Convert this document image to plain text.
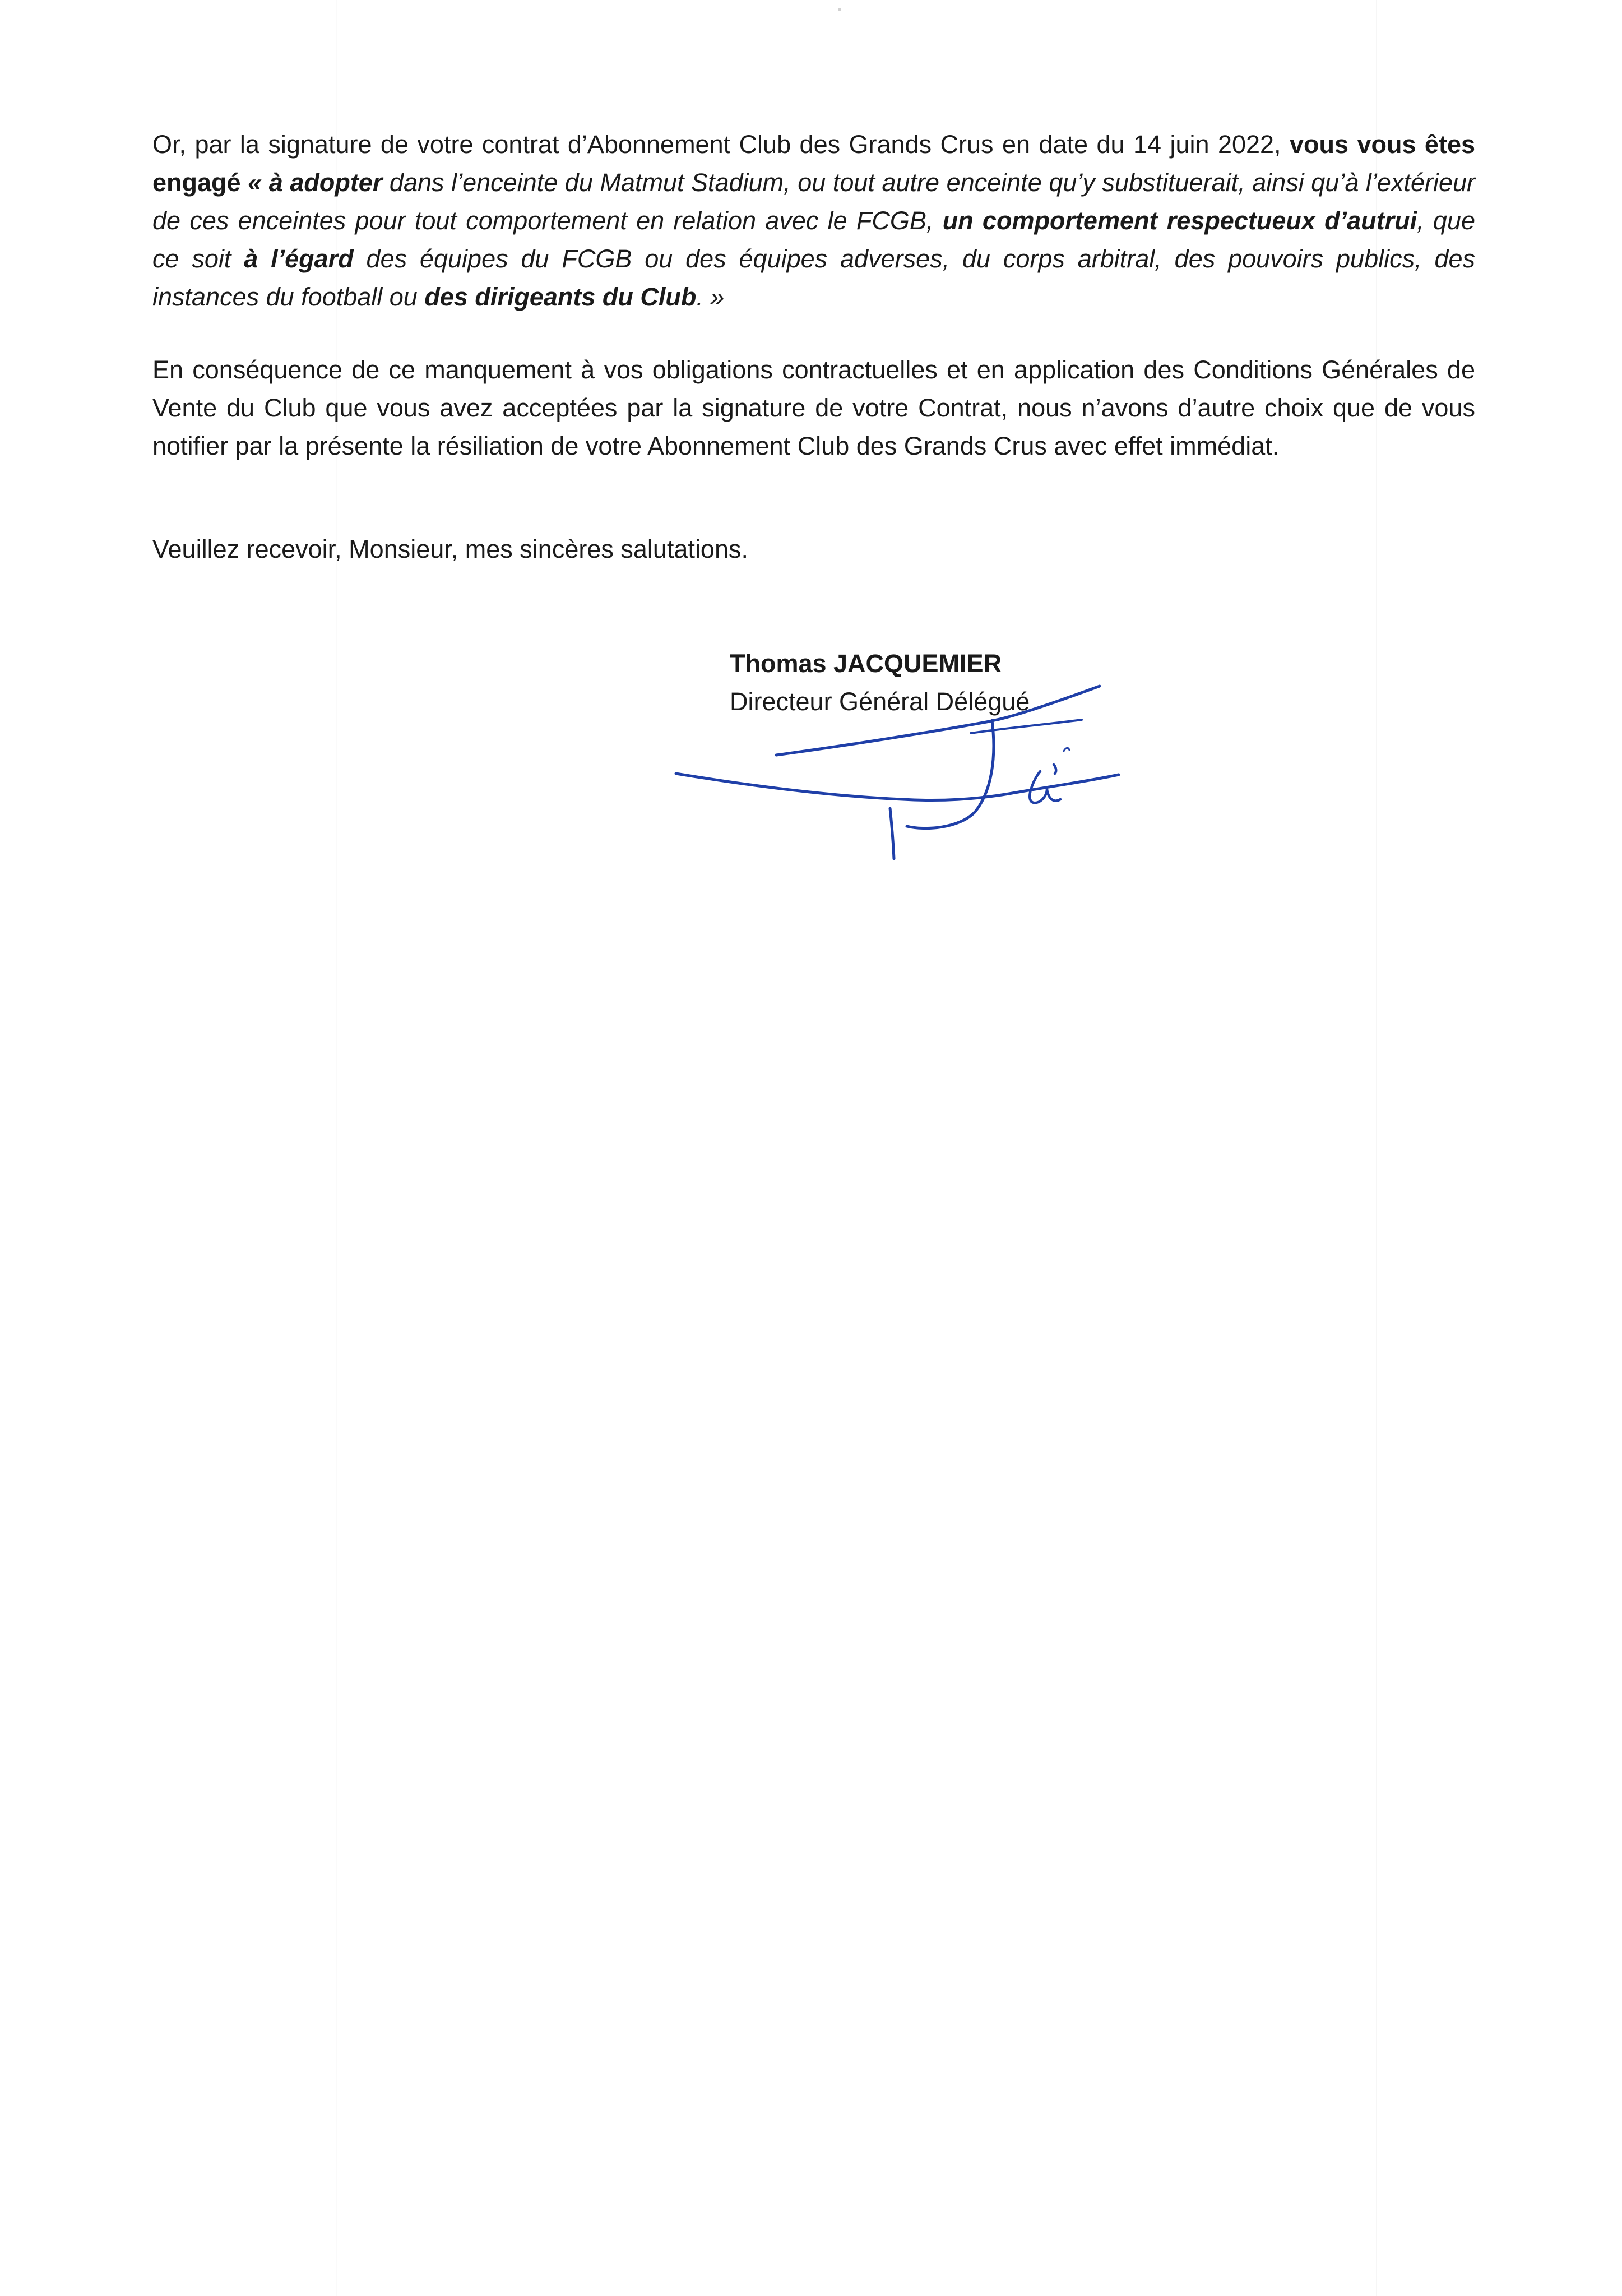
Or, par la signature de votre contrat d’Abonnement Club des Grands Crus en date du 14 juin 2022, vous vous êtes engagé « à adopter dans l’enceinte du Matmut Stadium, ou tout autre enceinte qu’y substituerait, ainsi qu’à l’extérieur de ces enceintes pour tout comportement en relation avec le FCGB, un comportement respectueux d’autrui, que ce soit à l’égard des équipes du FCGB ou des équipes adverses, du corps arbitral, des pouvoirs publics, des instances du football ou des dirigeants du Club. »

En conséquence de ce manquement à vos obligations contractuelles et en application des Conditions Générales de Vente du Club que vous avez acceptées par la signature de votre Contrat, nous n’avons d’autre choix que de vous notifier par la présente la résiliation de votre Abonnement Club des Grands Crus avec effet immédiat.

Veuillez recevoir, Monsieur, mes sincères salutations.

Thomas JACQUEMIER
Directeur Général Délégué
